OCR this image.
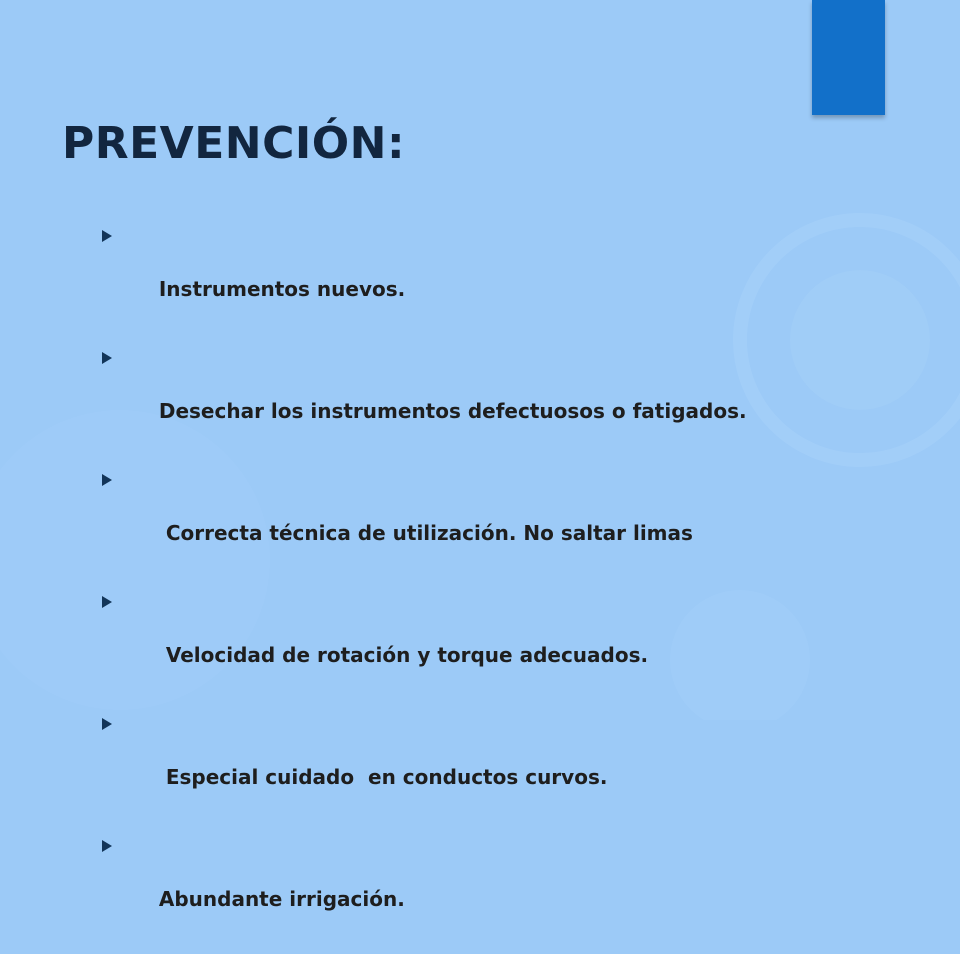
PREVENCIÓN:

Instrumentos nuevos.

Desechar los instrumentos defectuosos o fatigados.

Correcta técnica de utilización. No saltar limas

Velocidad de rotación y torque adecuados.

Especial cuidado  en conductos curvos.

Abundante irrigación.
